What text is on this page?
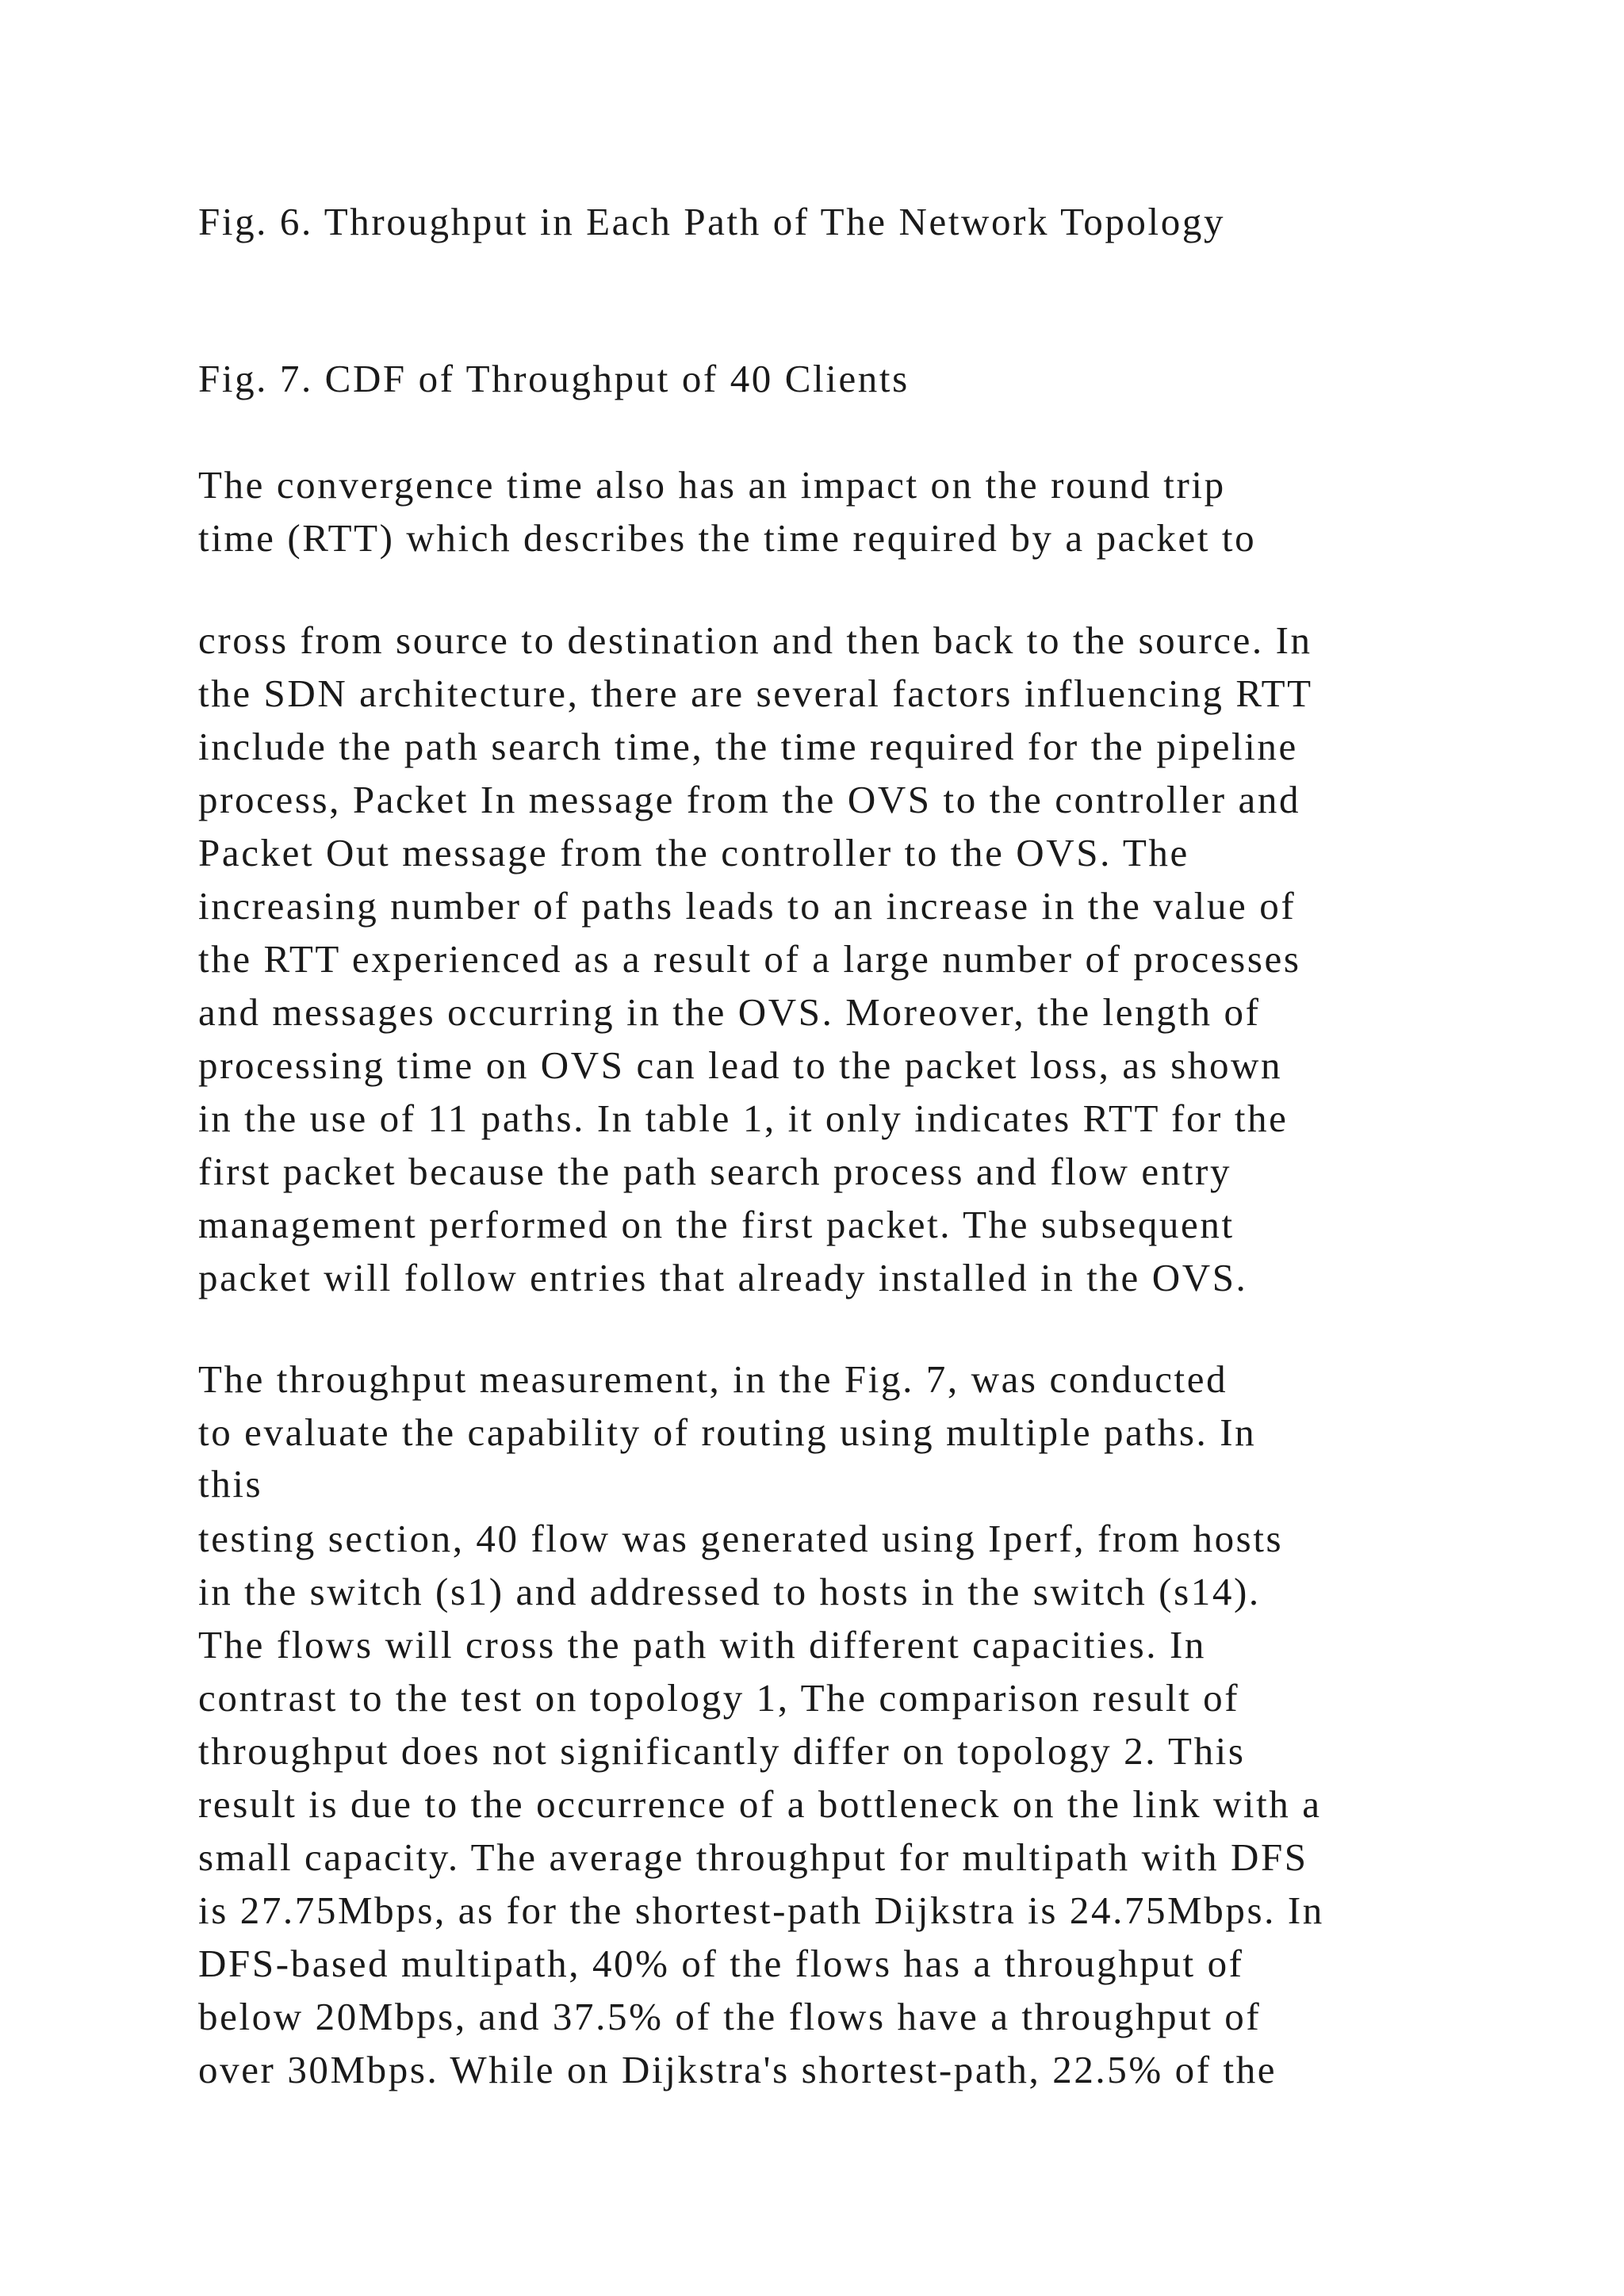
Fig. 6. Throughput in Each Path of The Network Topology

Fig. 7. CDF of Throughput of 40 Clients

The convergence time also has an impact on the round trip

time (RTT) which describes the time required by a packet to

cross from source to destination and then back to the source. In

the SDN architecture, there are several factors influencing RTT

include the path search time, the time required for the pipeline

process, Packet In message from the OVS to the controller and

Packet Out message from the controller to the OVS. The

increasing number of paths leads to an increase in the value of

the RTT experienced as a result of a large number of processes

and messages occurring in the OVS. Moreover, the length of

processing time on OVS can lead to the packet loss, as shown

in the use of 11 paths. In table 1, it only indicates RTT for the

first packet because the path search process and flow entry

management performed on the first packet. The subsequent

packet will follow entries that already installed in the OVS.

The throughput measurement, in the Fig. 7, was conducted

to evaluate the capability of routing using multiple paths. In

this

testing section, 40 flow was generated using Iperf, from hosts

in the switch (s1) and addressed to hosts in the switch (s14).

The flows will cross the path with different capacities. In

contrast to the test on topology 1, The comparison result of

throughput does not significantly differ on topology 2. This

result is due to the occurrence of a bottleneck on the link with a

small capacity. The average throughput for multipath with DFS

is 27.75Mbps, as for the shortest-path Dijkstra is 24.75Mbps. In

DFS-based multipath, 40% of the flows has a throughput of

below 20Mbps, and 37.5% of the flows have a throughput of

over 30Mbps. While on Dijkstra's shortest-path, 22.5% of the
